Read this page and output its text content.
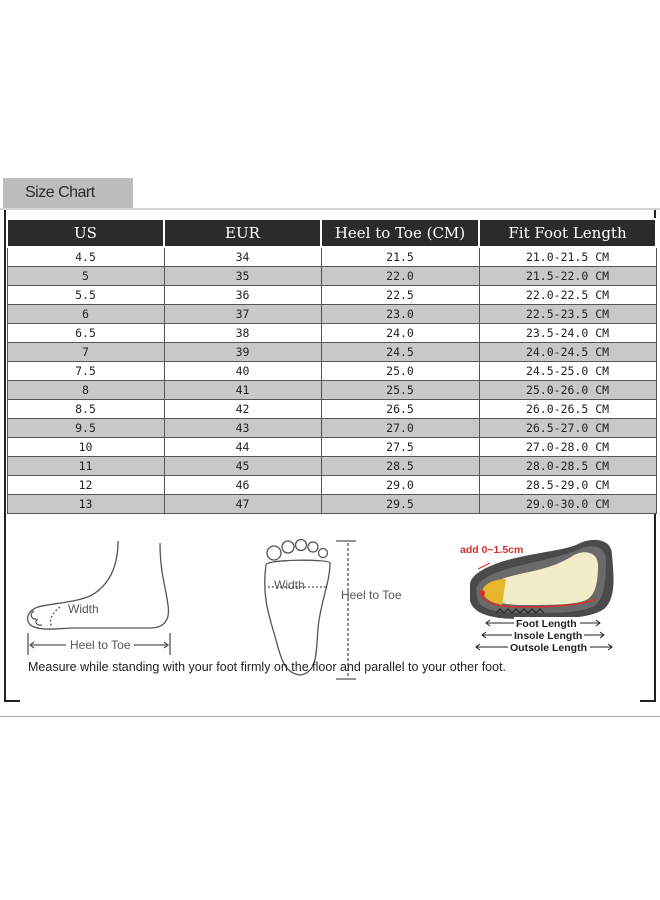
Size Chart
US	EUR	Heel to Toe (CM)	Fit Foot Length
4.5	34	21.5	21.0-21.5 CM
5	35	22.0	21.5-22.0 CM
5.5	36	22.5	22.0-22.5 CM
6	37	23.0	22.5-23.5 CM
6.5	38	24.0	23.5-24.0 CM
7	39	24.5	24.0-24.5 CM
7.5	40	25.0	24.5-25.0 CM
8	41	25.5	25.0-26.0 CM
8.5	42	26.5	26.0-26.5 CM
9.5	43	27.0	26.5-27.0 CM
10	44	27.5	27.0-28.0 CM
11	45	28.5	28.0-28.5 CM
12	46	29.0	28.5-29.0 CM
13	47	29.5	29.0-30.0 CM
Width
Heel to Toe
Width
Heel to Toe
add 0~1.5cm
Foot Length
Insole Length
Outsole Length
Measure while standing with your foot firmly on the floor and parallel to your other foot.
